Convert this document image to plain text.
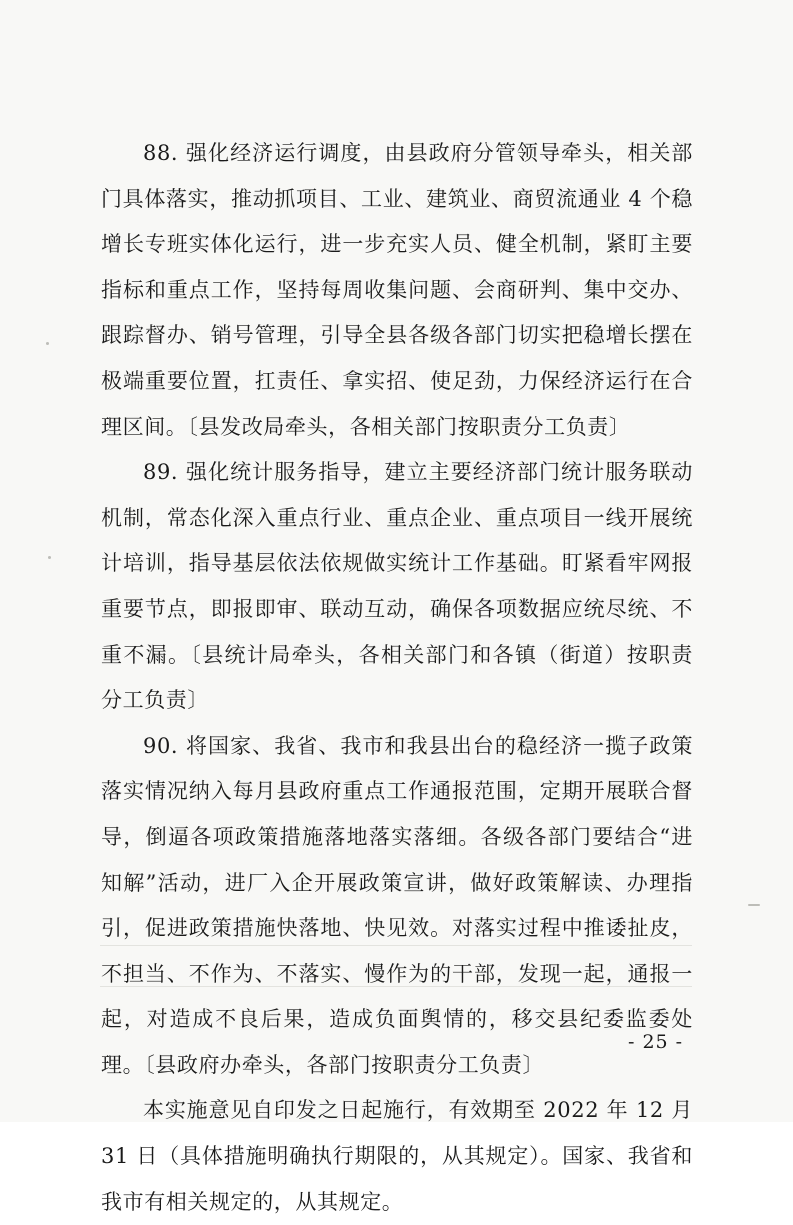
88. 强化经济运行调度，由县政府分管领导牵头，相关部门具体落实，推动抓项目、工业、建筑业、商贸流通业 4 个稳增长专班实体化运行，进一步充实人员、健全机制，紧盯主要指标和重点工作，坚持每周收集问题、会商研判、集中交办、跟踪督办、销号管理，引导全县各级各部门切实把稳增长摆在极端重要位置，扛责任、拿实招、使足劲，力保经济运行在合理区间。〔县发改局牵头，各相关部门按职责分工负责〕

89. 强化统计服务指导，建立主要经济部门统计服务联动机制，常态化深入重点行业、重点企业、重点项目一线开展统计培训，指导基层依法依规做实统计工作基础。盯紧看牢网报重要节点，即报即审、联动互动，确保各项数据应统尽统、不重不漏。〔县统计局牵头，各相关部门和各镇（街道）按职责分工负责〕

90. 将国家、我省、我市和我县出台的稳经济一揽子政策落实情况纳入每月县政府重点工作通报范围，定期开展联合督导，倒逼各项政策措施落地落实落细。各级各部门要结合“进知解”活动，进厂入企开展政策宣讲，做好政策解读、办理指引，促进政策措施快落地、快见效。对落实过程中推诿扯皮，不担当、不作为、不落实、慢作为的干部，发现一起，通报一起，对造成不良后果，造成负面舆情的，移交县纪委监委处理。〔县政府办牵头，各部门按职责分工负责〕

本实施意见自印发之日起施行，有效期至 2022 年 12 月 31 日（具体措施明确执行期限的，从其规定）。国家、我省和我市有相关规定的，从其规定。

- 25 -
